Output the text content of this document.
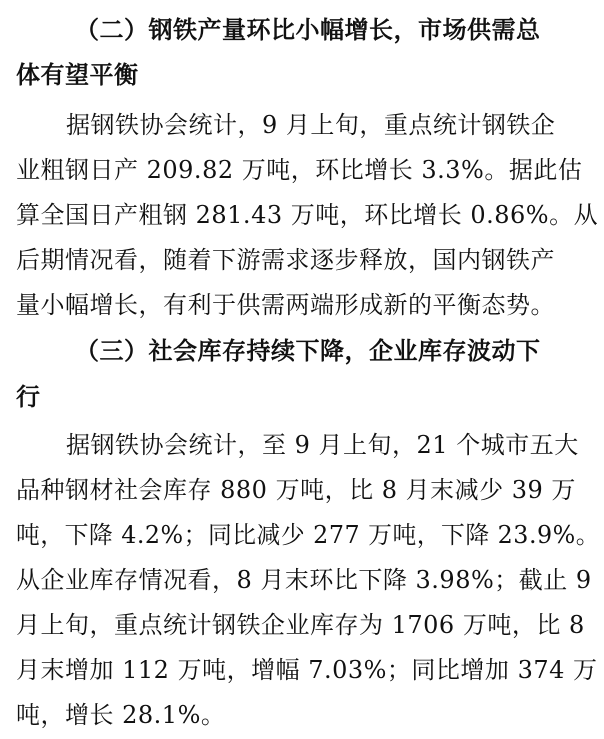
（二）钢铁产量环比小幅增长，市场供需总
体有望平衡
据钢铁协会统计，9 月上旬，重点统计钢铁企
业粗钢日产 209.82 万吨，环比增长 3.3%。据此估
算全国日产粗钢 281.43 万吨，环比增长 0.86%。从
后期情况看，随着下游需求逐步释放，国内钢铁产
量小幅增长，有利于供需两端形成新的平衡态势。
（三）社会库存持续下降，企业库存波动下
行
据钢铁协会统计，至 9 月上旬，21 个城市五大
品种钢材社会库存 880 万吨，比 8 月末减少 39 万
吨，下降 4.2%；同比减少 277 万吨，下降 23.9%。
从企业库存情况看，8 月末环比下降 3.98%；截止 9
月上旬，重点统计钢铁企业库存为 1706 万吨，比 8
月末增加 112 万吨，增幅 7.03%；同比增加 374 万
吨，增长 28.1%。
